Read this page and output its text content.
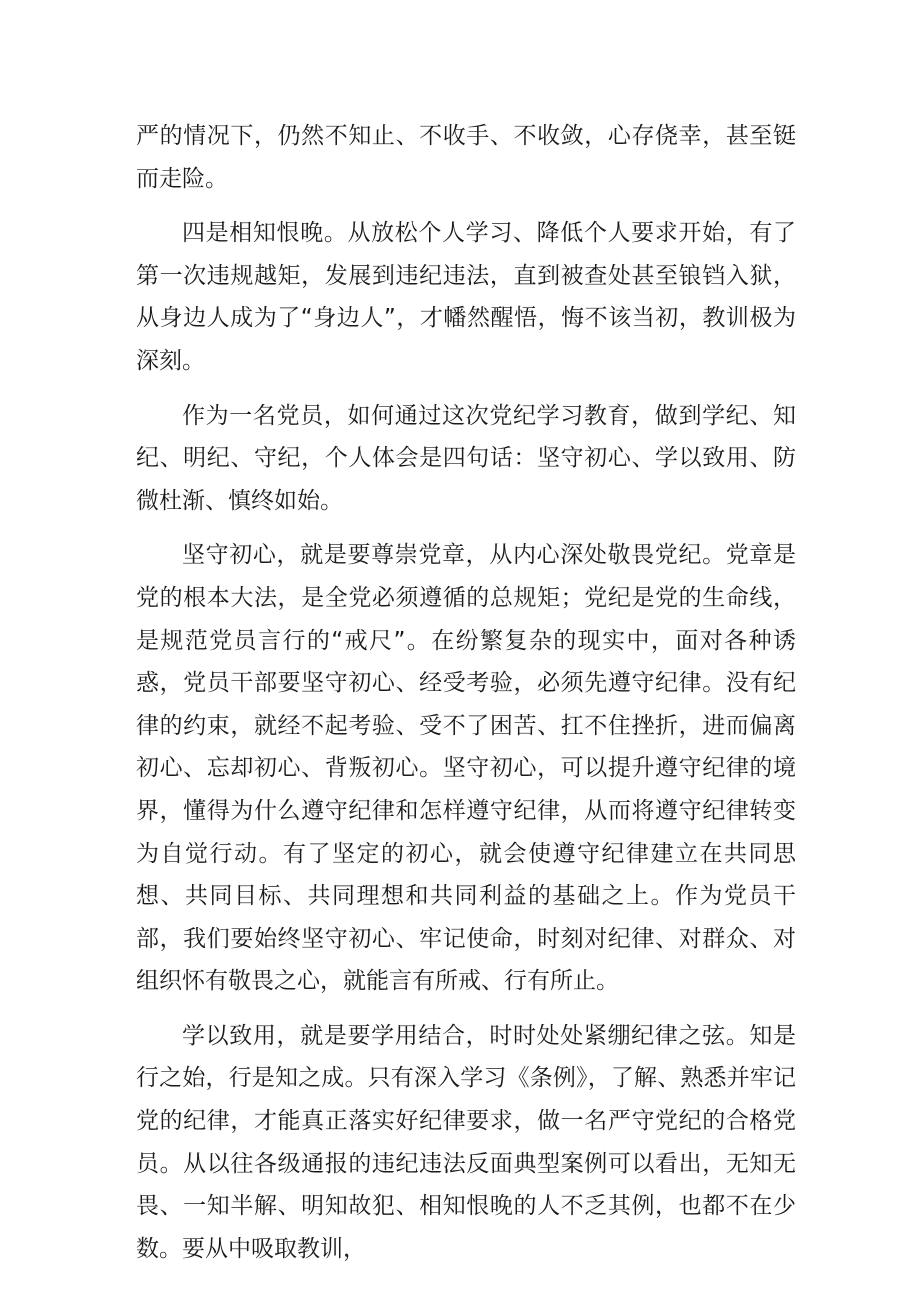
严的情况下，仍然不知止、不收手、不收敛，心存侥幸，甚至铤而走险。

四是相知恨晚。从放松个人学习、降低个人要求开始，有了第一次违规越矩，发展到违纪违法，直到被查处甚至锒铛入狱，从身边人成为了“身边人”，才幡然醒悟，悔不该当初，教训极为深刻。

作为一名党员，如何通过这次党纪学习教育，做到学纪、知纪、明纪、守纪，个人体会是四句话：坚守初心、学以致用、防微杜渐、慎终如始。

坚守初心，就是要尊崇党章，从内心深处敬畏党纪。党章是党的根本大法，是全党必须遵循的总规矩；党纪是党的生命线，是规范党员言行的“戒尺”。在纷繁复杂的现实中，面对各种诱惑，党员干部要坚守初心、经受考验，必须先遵守纪律。没有纪律的约束，就经不起考验、受不了困苦、扛不住挫折，进而偏离初心、忘却初心、背叛初心。坚守初心，可以提升遵守纪律的境界，懂得为什么遵守纪律和怎样遵守纪律，从而将遵守纪律转变为自觉行动。有了坚定的初心，就会使遵守纪律建立在共同思想、共同目标、共同理想和共同利益的基础之上。作为党员干部，我们要始终坚守初心、牢记使命，时刻对纪律、对群众、对组织怀有敬畏之心，就能言有所戒、行有所止。

学以致用，就是要学用结合，时时处处紧绷纪律之弦。知是行之始，行是知之成。只有深入学习《条例》，了解、熟悉并牢记党的纪律，才能真正落实好纪律要求，做一名严守党纪的合格党员。从以往各级通报的违纪违法反面典型案例可以看出，无知无畏、一知半解、明知故犯、相知恨晚的人不乏其例，也都不在少数。要从中吸取教训，
